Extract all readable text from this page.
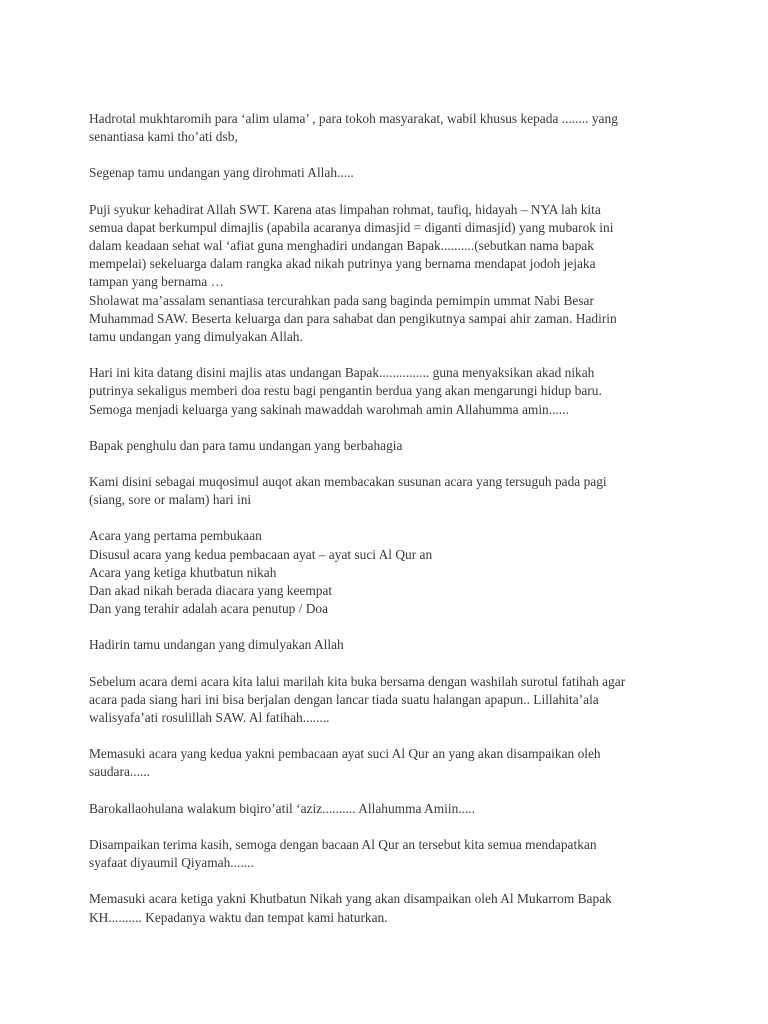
Hadrotal mukhtaromih para ‘alim ulama’ , para tokoh masyarakat, wabil khusus kepada ........ yang
senantiasa kami tho’ati dsb,

Segenap tamu undangan yang dirohmati Allah.....

Puji syukur kehadirat Allah SWT. Karena atas limpahan rohmat, taufiq, hidayah – NYA lah kita
semua dapat berkumpul dimajlis (apabila acaranya dimasjid = diganti dimasjid) yang mubarok ini
dalam keadaan sehat wal ‘afiat guna menghadiri undangan Bapak..........(sebutkan nama bapak
mempelai) sekeluarga dalam rangka akad nikah putrinya yang bernama mendapat jodoh jejaka
tampan yang bernama …
Sholawat ma’assalam senantiasa tercurahkan pada sang baginda pemimpin ummat Nabi Besar
Muhammad SAW. Beserta keluarga dan para sahabat dan pengikutnya sampai ahir zaman. Hadirin
tamu undangan yang dimulyakan Allah.

Hari ini kita datang disini majlis atas undangan Bapak............... guna menyaksikan akad nikah
putrinya sekaligus memberi doa restu bagi pengantin berdua yang akan mengarungi hidup baru.
Semoga menjadi keluarga yang sakinah mawaddah warohmah amin Allahumma amin......

Bapak penghulu dan para tamu undangan yang berbahagia

Kami disini sebagai muqosimul auqot akan membacakan susunan acara yang tersuguh pada pagi
(siang, sore or malam) hari ini

Acara yang pertama pembukaan
Disusul acara yang kedua pembacaan ayat – ayat suci Al Qur an
Acara yang ketiga khutbatun nikah
Dan akad nikah berada diacara yang keempat
Dan yang terahir adalah acara penutup / Doa

Hadirin tamu undangan yang dimulyakan Allah

Sebelum acara demi acara kita lalui marilah kita buka bersama dengan washilah surotul fatihah agar
acara pada siang hari ini bisa berjalan dengan lancar tiada suatu halangan apapun.. Lillahita’ala
walisyafa’ati rosulillah SAW. Al fatihah........

Memasuki acara yang kedua yakni pembacaan ayat suci Al Qur an yang akan disampaikan oleh
saudara......

Barokallaohulana walakum biqiro’atil ‘aziz.......... Allahumma Amiin.....

Disampaikan terima kasih, semoga dengan bacaan Al Qur an tersebut kita semua mendapatkan
syafaat diyaumil Qiyamah.......

Memasuki acara ketiga yakni Khutbatun Nikah yang akan disampaikan oleh Al Mukarrom Bapak
KH.......... Kepadanya waktu dan tempat kami haturkan.
